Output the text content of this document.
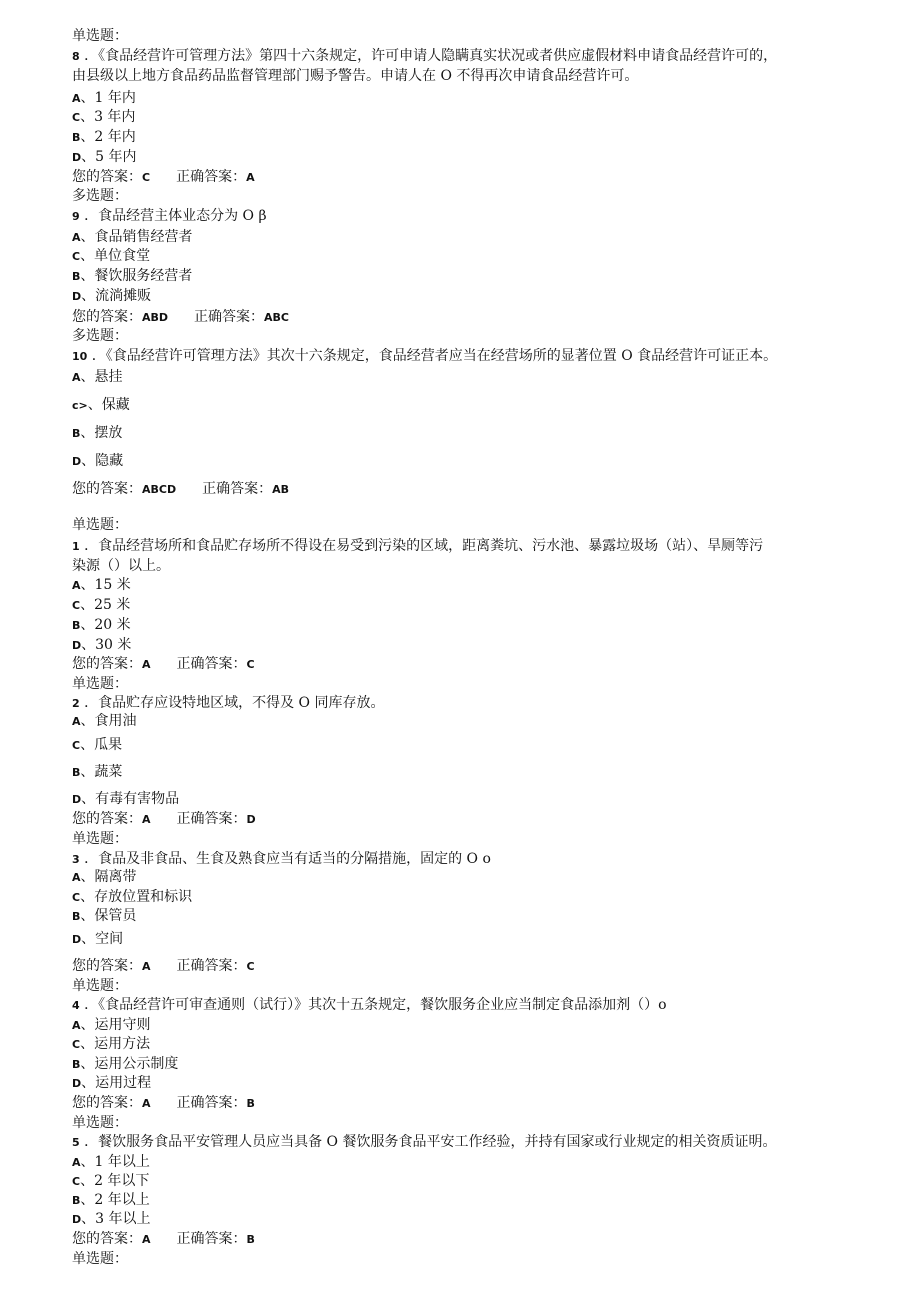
单选题：
8 ．《食品经营许可管理方法》第四十六条规定，许可申请人隐瞒真实状况或者供应虚假材料申请食品经营许可的，
由县级以上地方食品药品监督管理部门赐予警告。申请人在 O 不得再次申请食品经营许可。
A、1 年内
C、3 年内
B、2 年内
D、5 年内
您的答案：C 正确答案：A
多选题：
9 ．食品经营主体业态分为 O β
A、食品销售经营者
C、单位食堂
B、餐饮服务经营者
D、流淌摊贩
您的答案：ABD 正确答案：ABC
多选题：
10 ．《食品经营许可管理方法》其次十六条规定，食品经营者应当在经营场所的显著位置 O 食品经营许可证正本。
A、悬挂
c>、保藏
B、摆放
D、隐藏
您的答案：ABCD 正确答案：AB
单选题：
1 ．食品经营场所和食品贮存场所不得设在易受到污染的区域，距离粪坑、污水池、暴露垃圾场（站）、旱厕等污
染源（）以上。
A、15 米
C、25 米
B、20 米
D、30 米
您的答案：A 正确答案：C
单选题：
2 ．食品贮存应设特地区域，不得及 O 同库存放。
A、食用油
C、瓜果
B、蔬菜
D、有毒有害物品
您的答案：A 正确答案：D
单选题：
3 ．食品及非食品、生食及熟食应当有适当的分隔措施，固定的 O o
A、隔离带
C、存放位置和标识
B、保管员
D、空间
您的答案：A 正确答案：C
单选题：
4 ．《食品经营许可审查通则（试行）》其次十五条规定，餐饮服务企业应当制定食品添加剂（）o
A、运用守则
C、运用方法
B、运用公示制度
D、运用过程
您的答案：A 正确答案：B
单选题：
5 ．餐饮服务食品平安管理人员应当具备 O 餐饮服务食品平安工作经验，并持有国家或行业规定的相关资质证明。
A、1 年以上
C、2 年以下
B、2 年以上
D、3 年以上
您的答案：A 正确答案：B
单选题：
